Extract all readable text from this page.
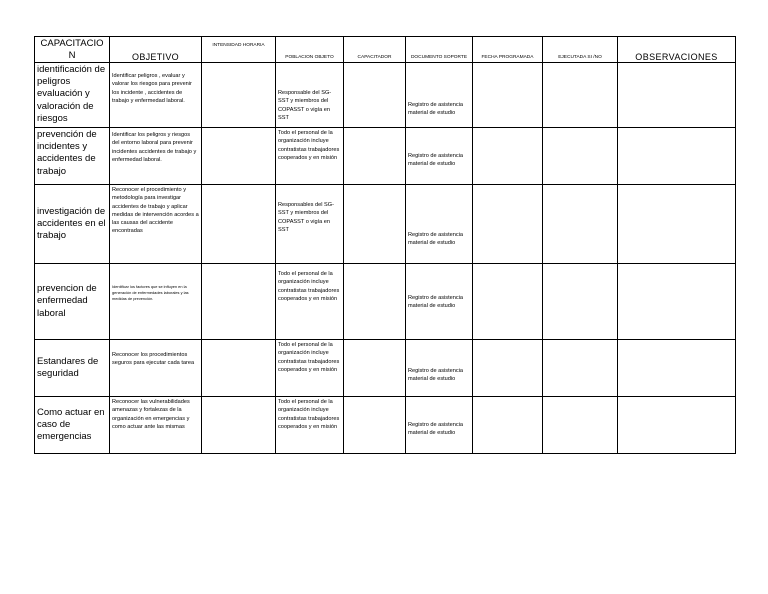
CAPACITACIO N	OBJETIVO	INTENSIDAD HORARIA	POBLACION OBJETO	CAPACITADOR	DOCUMENTO SOPORTE	FECHA PROGRAMADA	EJECUTADA SI /NO	OBSERVACIONES
identificación de peligros evaluación y valoración de riesgos	Identificar peligros , evaluar y valorar los riesgos para prevenir los incidente , accidentes de trabajo y enfermedad laboral.		Responsable del SG-SST y miembros del COPASST o vigía en SST		Registro de asistencia material de estudio			
prevención de incidentes y accidentes de trabajo	Identificar los peligros y riesgos del entorno laboral para prevenir incidentes accidentes de trabajo y enfermedad laboral.		Todo el personal de la organización incluye contratistas trabajadores cooperados y en misión		Registro de asistencia material de estudio			
investigación de accidentes en el trabajo	Reconocer el procedimiento y metodología para investigar accidentes de trabajo y aplicar medidas de intervención acordes a las causas del accidente encontradas		Responsables del SG-SST y miembros del COPASST o vigía en SST		Registro de asistencia material de estudio			
prevencion de enfermedad laboral	Identificar los factores que se influyen en la generación de enfermedades laborales y las medidas de prevención.		Todo el personal de la organización incluye contratistas trabajadores cooperados y en misión		Registro de asistencia material de estudio			
Estandares de seguridad	Reconocer los procedimientos seguros para ejecutar cada tarea		Todo el personal de la organización incluye contratistas trabajadores cooperados y en misión		Registro de asistencia material de estudio			
Como actuar en caso de emergencias	Reconocer las vulnerabilidades amenazas y fortalezas de la organización en emergencias y como actuar ante las mismas		Todo el personal de la organización incluye contratistas trabajadores cooperados y en misión		Registro de asistencia material de estudio			
